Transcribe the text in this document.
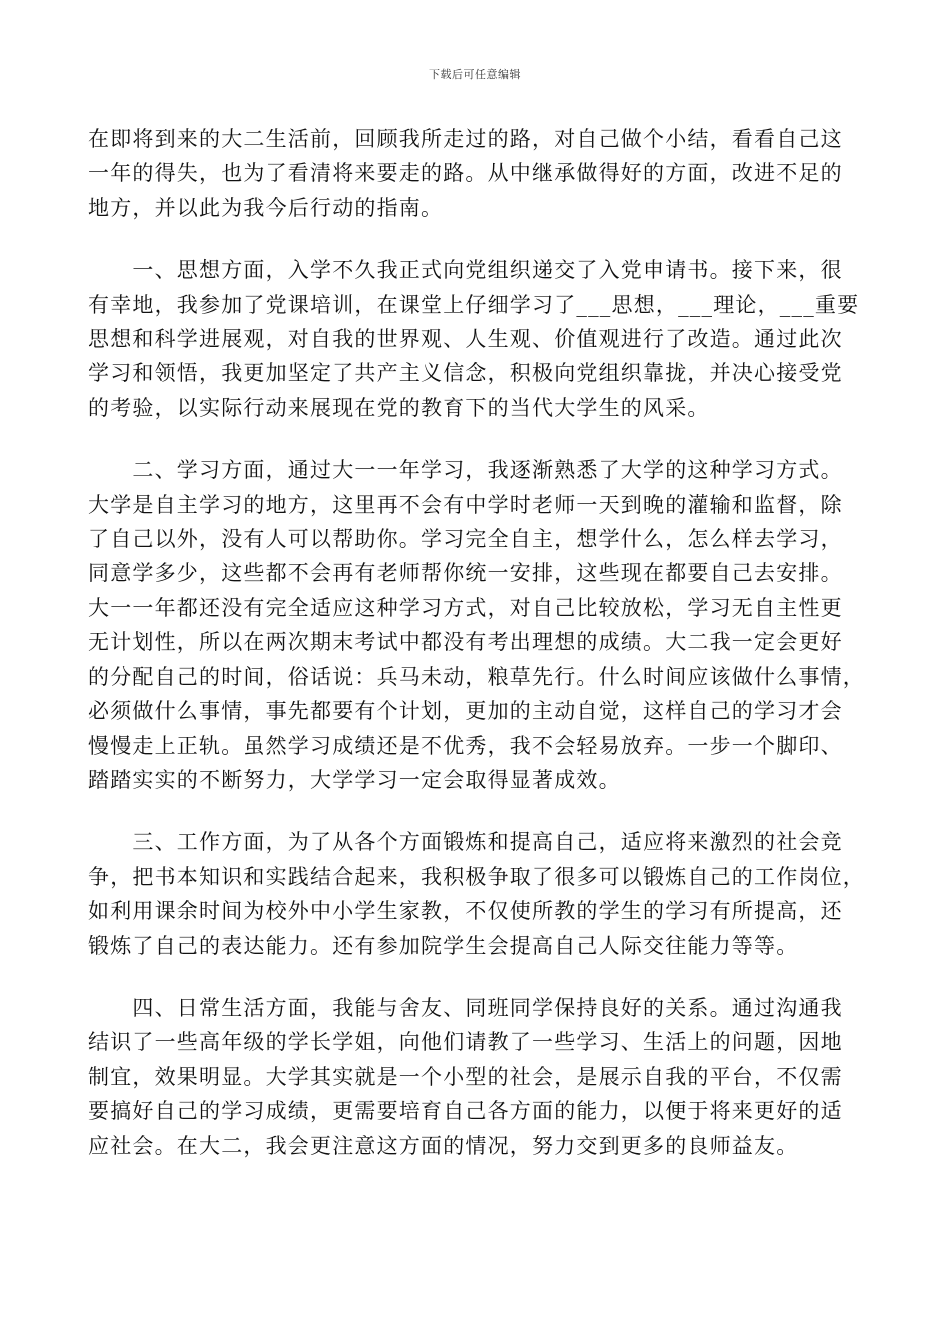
下载后可任意编辑

在即将到来的大二生活前，回顾我所走过的路，对自己做个小结，看看自己这
一年的得失，也为了看清将来要走的路。从中继承做得好的方面，改进不足的
地方，并以此为我今后行动的指南。

　　一、思想方面，入学不久我正式向党组织递交了入党申请书。接下来，很
有幸地，我参加了党课培训，在课堂上仔细学习了___思想，___理论，___重要
思想和科学进展观，对自我的世界观、人生观、价值观进行了改造。通过此次
学习和领悟，我更加坚定了共产主义信念，积极向党组织靠拢，并决心接受党
的考验，以实际行动来展现在党的教育下的当代大学生的风采。

　　二、学习方面，通过大一一年学习，我逐渐熟悉了大学的这种学习方式。
大学是自主学习的地方，这里再不会有中学时老师一天到晚的灌输和监督，除
了自己以外，没有人可以帮助你。学习完全自主，想学什么，怎么样去学习，
同意学多少，这些都不会再有老师帮你统一安排，这些现在都要自己去安排。
大一一年都还没有完全适应这种学习方式，对自己比较放松，学习无自主性更
无计划性，所以在两次期末考试中都没有考出理想的成绩。大二我一定会更好
的分配自己的时间，俗话说：兵马未动，粮草先行。什么时间应该做什么事情，
必须做什么事情，事先都要有个计划，更加的主动自觉，这样自己的学习才会
慢慢走上正轨。虽然学习成绩还是不优秀，我不会轻易放弃。一步一个脚印、
踏踏实实的不断努力，大学学习一定会取得显著成效。

　　三、工作方面，为了从各个方面锻炼和提高自己，适应将来激烈的社会竞
争，把书本知识和实践结合起来，我积极争取了很多可以锻炼自己的工作岗位，
如利用课余时间为校外中小学生家教，不仅使所教的学生的学习有所提高，还
锻炼了自己的表达能力。还有参加院学生会提高自己人际交往能力等等。

　　四、日常生活方面，我能与舍友、同班同学保持良好的关系。通过沟通我
结识了一些高年级的学长学姐，向他们请教了一些学习、生活上的问题，因地
制宜，效果明显。大学其实就是一个小型的社会，是展示自我的平台，不仅需
要搞好自己的学习成绩，更需要培育自己各方面的能力，以便于将来更好的适
应社会。在大二，我会更注意这方面的情况，努力交到更多的良师益友。
